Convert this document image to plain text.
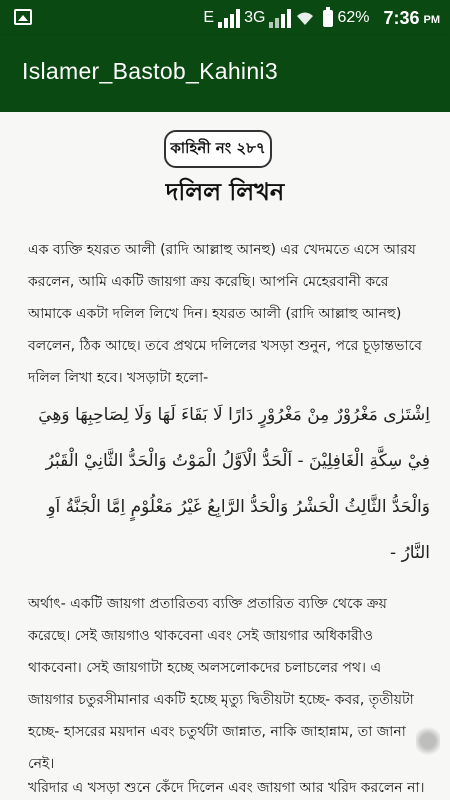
E 3G	62% 7:36 PM
Islamer_Bastob_Kahini3
কাহিনী নং ২৮৭
দলিল লিখন
এক ব্যক্তি হযরত আলী (রাদি আল্লাহু আনহু) এর খেদমতে এসে আরয করলেন, আমি একটি জায়গা ক্রয় করেছি। আপনি মেহেরবানী করে আমাকে একটা দলিল লিখে দিন। হযরত আলী (রাদি আল্লাহু আনহু) বললেন, ঠিক আছে। তবে প্রথমে দলিলের খসড়া শুনুন, পরে চূড়ান্তভাবে দলিল লিখা হবে। খসড়াটা হলো-
اِشْتَرٰى مَغْرُوْرٌ مِنْ مَغْرُوْرٍ دَارًا لَا بَقَاءَ لَهَا وَلَا لِصَاحِبِهَا وَهِيَ فِيْ سِكَّةِ الْغَافِلِيْنَ - اَلْحَدُّ الْاَوَّلُ الْمَوْتُ وَالْحَدُّ الثَّانِيْ الْقَبْرُ وَالْحَدُّ الثَّالِثُ الْحَشْرُ وَالْحَدُّ الرَّابِعُ غَيْرُ مَعْلُوْمٍ اِمَّا الْجَنَّةُ اَوِ النَّارُ -
অর্থাৎ- একটি জায়গা প্রতারিতব্য ব্যক্তি প্রতারিত ব্যক্তি থেকে ক্রয় করেছে। সেই জায়গাও থাকবেনা এবং সেই জায়গার অধিকারীও থাকবেনা। সেই জায়গাটা হচ্ছে অলসলোকদের চলাচলের পথ। এ জায়গার চতুরসীমানার একটি হচ্ছে মৃত্যু দ্বিতীয়টা হচ্ছে- কবর, তৃতীয়টা হচ্ছে- হাসরের ময়দান এবং চতুর্থটা জান্নাত, নাকি জাহান্নাম, তা জানা নেই।
খরিদার এ খসড়া শুনে কেঁদে দিলেন এবং জায়গা আর খরিদ করলেন না।
